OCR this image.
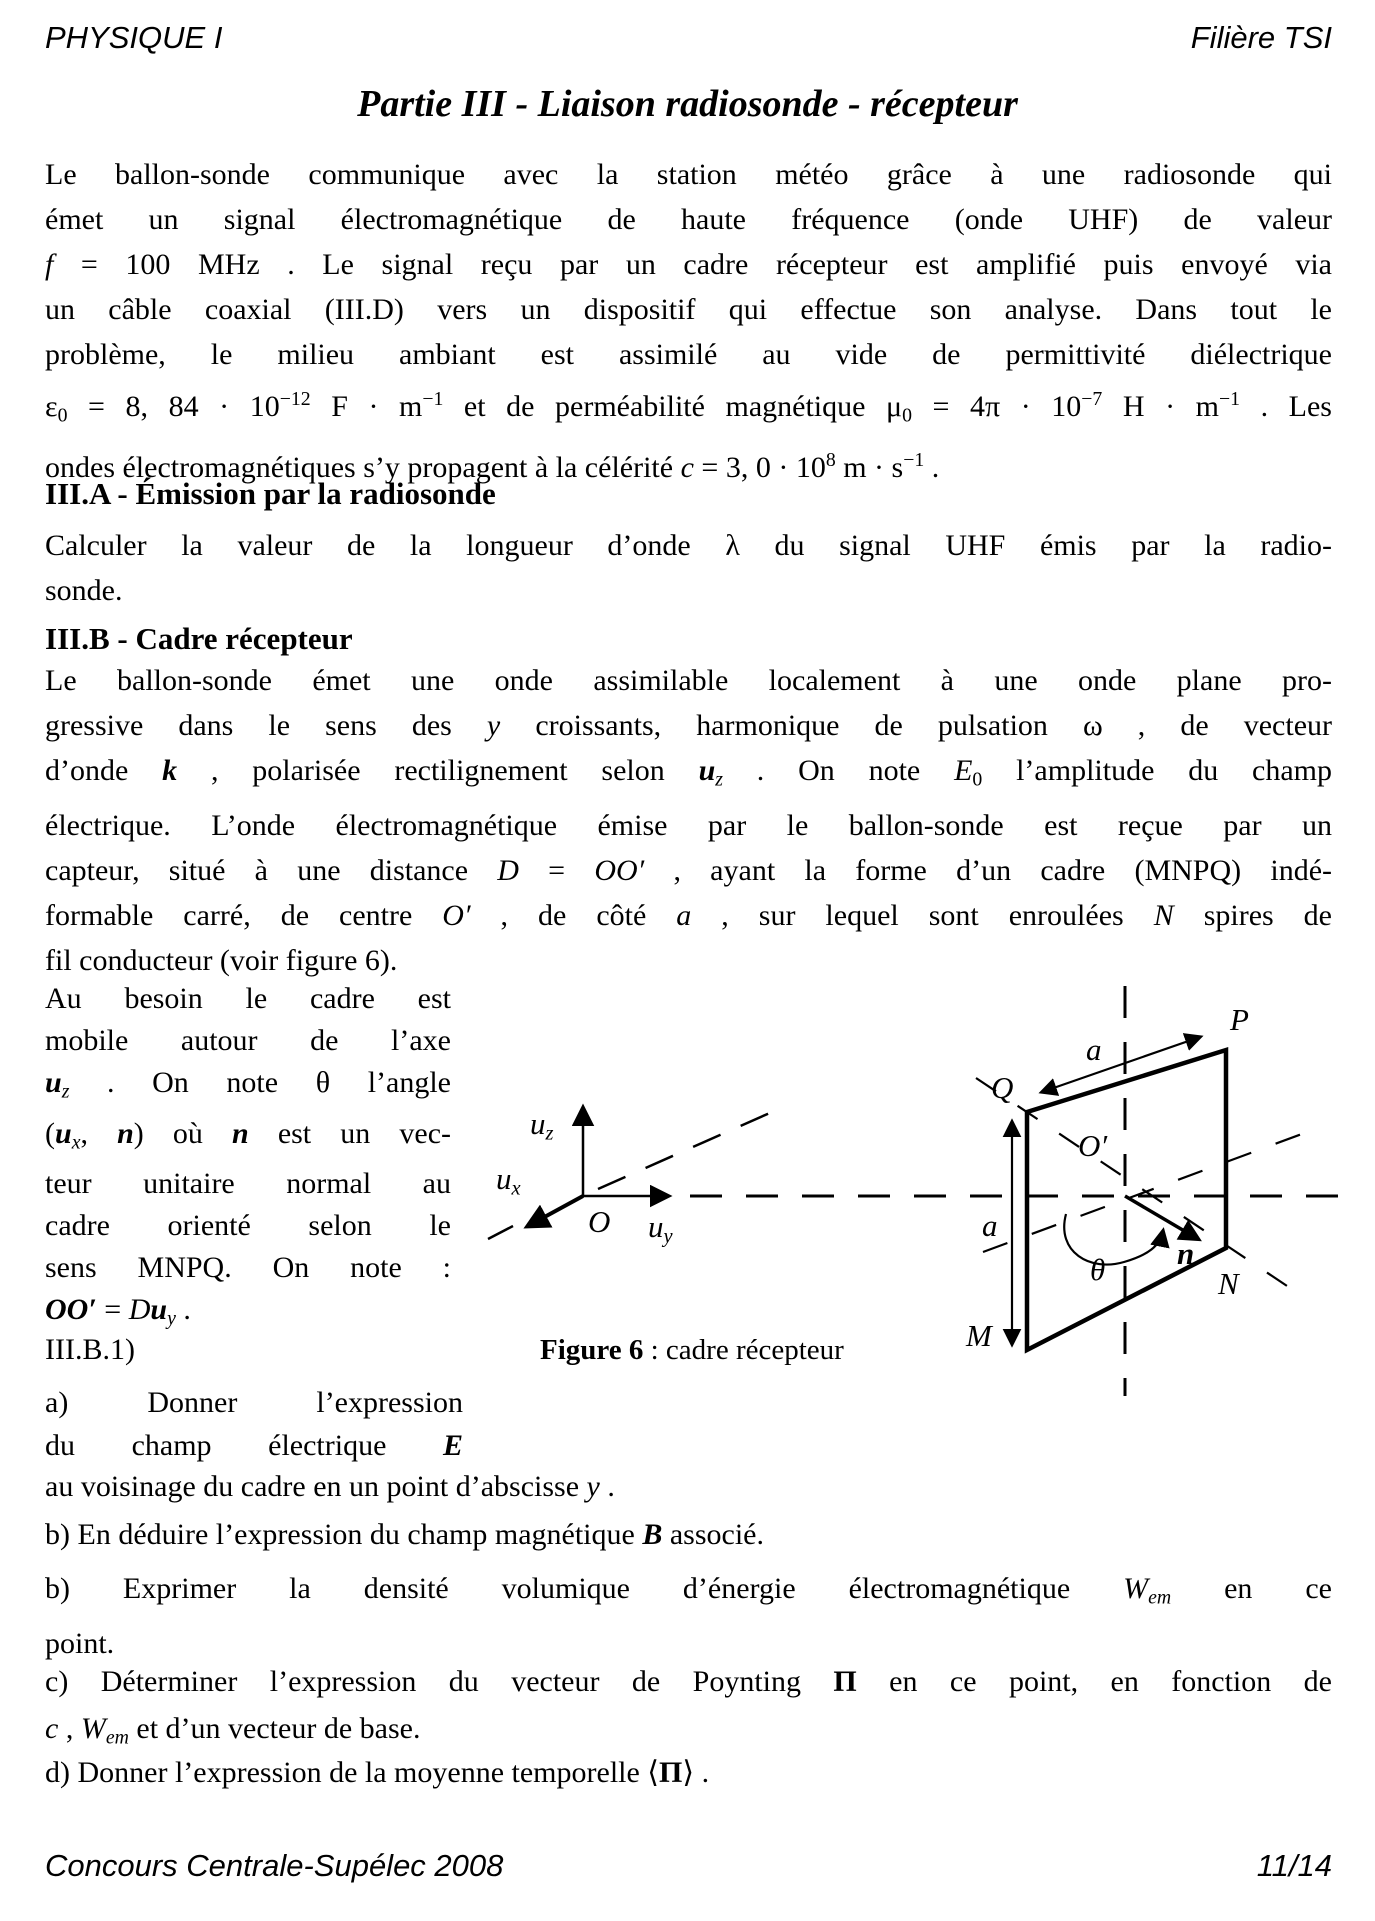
PHYSIQUE I	Filière TSI
Partie III - Liaison radiosonde - récepteur
Le ballon-sonde communique avec la station météo grâce à une radiosonde qui
émet un signal électromagnétique de haute fréquence (onde UHF) de valeur
f = 100 MHz . Le signal reçu par un cadre récepteur est amplifié puis envoyé via
un câble coaxial (III.D) vers un dispositif qui effectue son analyse. Dans tout le
problème, le milieu ambiant est assimilé au vide de permittivité diélectrique
ε0 = 8, $84 \cdot 10^{-12}$ $F \cdot m^{-1}$ et de perméabilité magnétique $\mu 0 = 4\pi \cdot 10^{-7}$ $H \cdot m^{-1}$ . Les
ondes électromagnétiques s’y propagent à la célérité c = 3, $0 \cdot 10^8$ $m \cdot s^{-1}$ .
III.A - Émission par la radiosonde
Calculer la valeur de la longueur d’onde λ du signal UHF émis par la radio-
sonde.
III.B - Cadre récepteur
Le ballon-sonde émet une onde assimilable localement à une onde plane pro-
gressive dans le sens des y croissants, harmonique de pulsation ω , de vecteur
d’onde k , polarisée rectilignement selon uz . On note E0 l’amplitude du champ
électrique. L’onde électromagnétique émise par le ballon-sonde est reçue par un
capteur, situé à une distance D = OO′ , ayant la forme d’un cadre (MNPQ) indé-
formable carré, de centre O′ , de côté a , sur lequel sont enroulées N spires de
fil conducteur (voir figure 6).
Au besoin le cadre est
mobile autour de l’axe
uz . On note θ l’angle
(ux, n) où n est un vec-
teur unitaire normal au
cadre orienté selon le
sens MNPQ. On note :
OO′ = Duy .
III.B.1)
uz
ux
uy
O
O′
P
Q
M
N
n
θ
a
a
Figure 6 : cadre récepteur
a) Donner l’expression
du champ électrique E
au voisinage du cadre en un point d’abscisse y .
b) En déduire l’expression du champ magnétique B associé.
b) Exprimer la densité volumique d’énergie électromagnétique Wem en ce
point.
c) Déterminer l’expression du vecteur de Poynting Π en ce point, en fonction de
c , Wem et d’un vecteur de base.
d) Donner l’expression de la moyenne temporelle ⟨Π⟩ .
Concours Centrale-Supélec 2008	11/14
